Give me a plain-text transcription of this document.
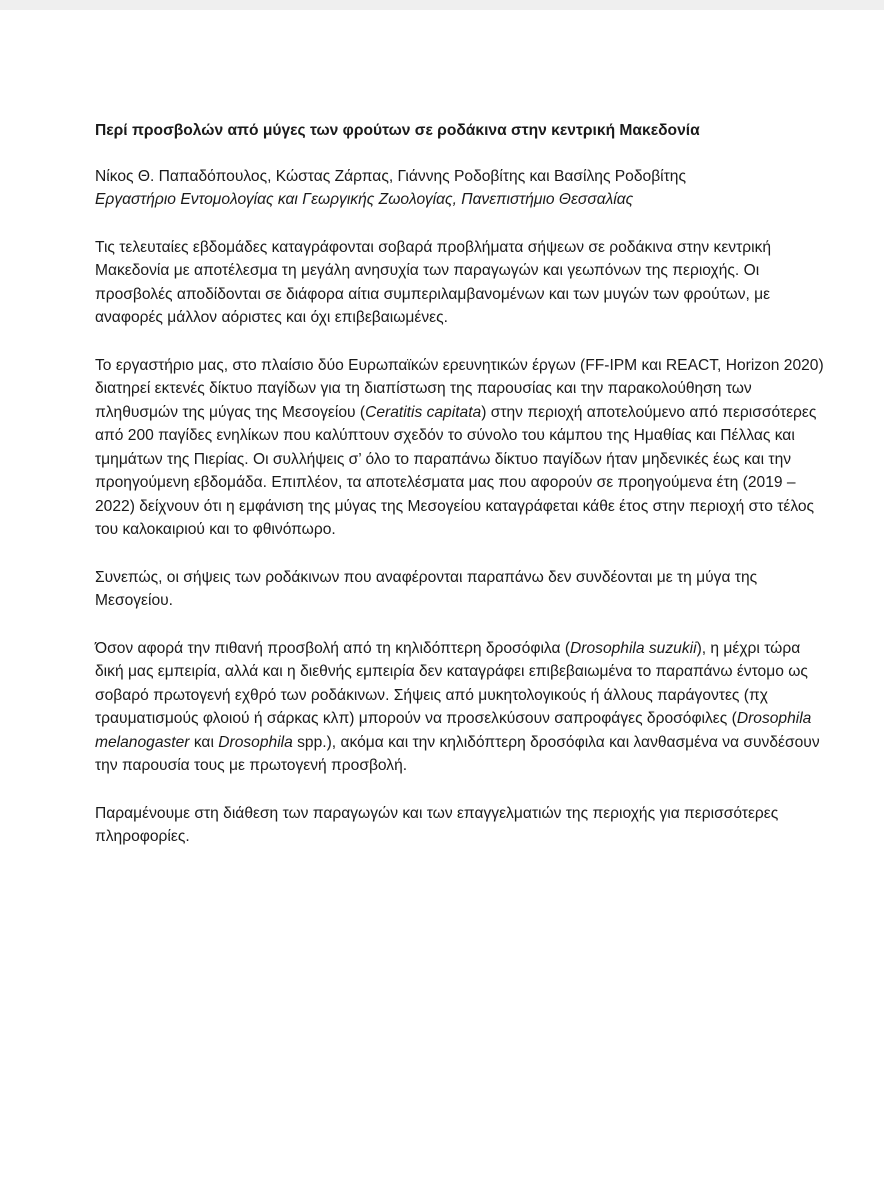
Περί προσβολών από μύγες των φρούτων σε ροδάκινα στην κεντρική Μακεδονία
Νίκος Θ. Παπαδόπουλος, Κώστας Ζάρπας, Γιάννης Ροδοβίτης και Βασίλης Ροδοβίτης
Εργαστήριο Εντομολογίας και Γεωργικής Ζωολογίας, Πανεπιστήμιο Θεσσαλίας

Τις τελευταίες εβδομάδες καταγράφονται σοβαρά προβλήματα σήψεων σε ροδάκινα στην κεντρική Μακεδονία με αποτέλεσμα τη μεγάλη ανησυχία των παραγωγών και γεωπόνων της περιοχής. Οι προσβολές αποδίδονται σε διάφορα αίτια συμπεριλαμβανομένων και των μυγών των φρούτων, με αναφορές μάλλον αόριστες και όχι επιβεβαιωμένες.

Το εργαστήριο μας, στο πλαίσιο δύο Ευρωπαϊκών ερευνητικών έργων (FF-IPM και REACT, Horizon 2020) διατηρεί εκτενές δίκτυο παγίδων για τη διαπίστωση της παρουσίας και την παρακολούθηση των πληθυσμών της μύγας της Μεσογείου (Ceratitis capitata) στην περιοχή αποτελούμενο από περισσότερες από 200 παγίδες ενηλίκων που καλύπτουν σχεδόν το σύνολο του κάμπου της Ημαθίας και Πέλλας και τμημάτων της Πιερίας. Οι συλλήψεις σ’ όλο το παραπάνω δίκτυο παγίδων ήταν μηδενικές έως και την προηγούμενη εβδομάδα. Επιπλέον, τα αποτελέσματα μας που αφορούν σε προηγούμενα έτη (2019 – 2022) δείχνουν ότι η εμφάνιση της μύγας της Μεσογείου καταγράφεται κάθε έτος στην περιοχή στο τέλος του καλοκαιριού και το φθινόπωρο.

Συνεπώς, οι σήψεις των ροδάκινων που αναφέρονται παραπάνω δεν συνδέονται με τη μύγα της Μεσογείου.

Όσον αφορά την πιθανή προσβολή από τη κηλιδόπτερη δροσόφιλα (Drosophila suzukii), η μέχρι τώρα δική μας εμπειρία, αλλά και η διεθνής εμπειρία δεν καταγράφει επιβεβαιωμένα το παραπάνω έντομο ως σοβαρό πρωτογενή εχθρό των ροδάκινων. Σήψεις από μυκητολογικούς ή άλλους παράγοντες (πχ τραυματισμούς φλοιού ή σάρκας κλπ) μπορούν να προσελκύσουν σαπροφάγες δροσόφιλες (Drosophila melanogaster και Drosophila spp.), ακόμα και την κηλιδόπτερη δροσόφιλα και λανθασμένα να συνδέσουν την παρουσία τους με πρωτογενή προσβολή.

Παραμένουμε στη διάθεση των παραγωγών και των επαγγελματιών της περιοχής για περισσότερες πληροφορίες.
